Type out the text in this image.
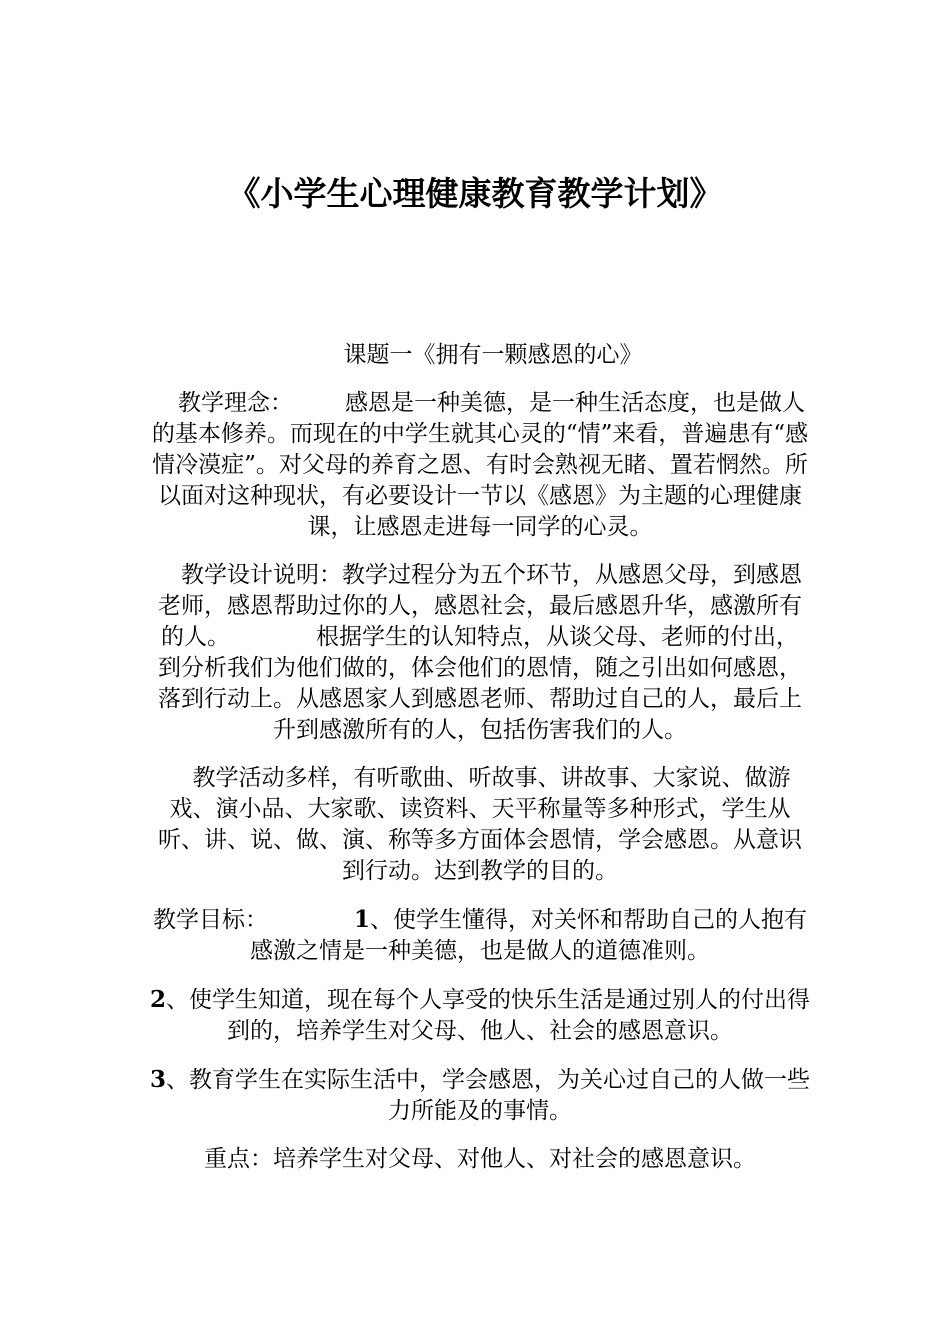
《小学生心理健康教育教学计划》

课题一《拥有一颗感恩的心》

　教学理念： 感恩是一种美德，是一种生活态度，也是做人的基本修养。而现在的中学生就其心灵的“情”来看，普遍患有“感情冷漠症”。对父母的养育之恩、有时会熟视无睹、置若惘然。所以面对这种现状，有必要设计一节以《感恩》为主题的心理健康课，让感恩走进每一同学的心灵。

　教学设计说明：教学过程分为五个环节，从感恩父母，到感恩老师，感恩帮助过你的人，感恩社会，最后感恩升华，感激所有的人。	根据学生的认知特点，从谈父母、老师的付出，到分析我们为他们做的，体会他们的恩情，随之引出如何感恩，落到行动上。从感恩家人到感恩老师、帮助过自己的人，最后上升到感激所有的人，包括伤害我们的人。

　教学活动多样，有听歌曲、听故事、讲故事、大家说、做游戏、演小品、大家歌、读资料、天平称量等多种形式，学生从听、讲、说、做、演、称等多方面体会恩情，学会感恩。从意识到行动。达到教学的目的。

教学目标：	1、使学生懂得，对关怀和帮助自己的人抱有感激之情是一种美德，也是做人的道德准则。

2、使学生知道，现在每个人享受的快乐生活是通过别人的付出得到的，培养学生对父母、他人、社会的感恩意识。

3、教育学生在实际生活中，学会感恩，为关心过自己的人做一些力所能及的事情。

重点：培养学生对父母、对他人、对社会的感恩意识。
